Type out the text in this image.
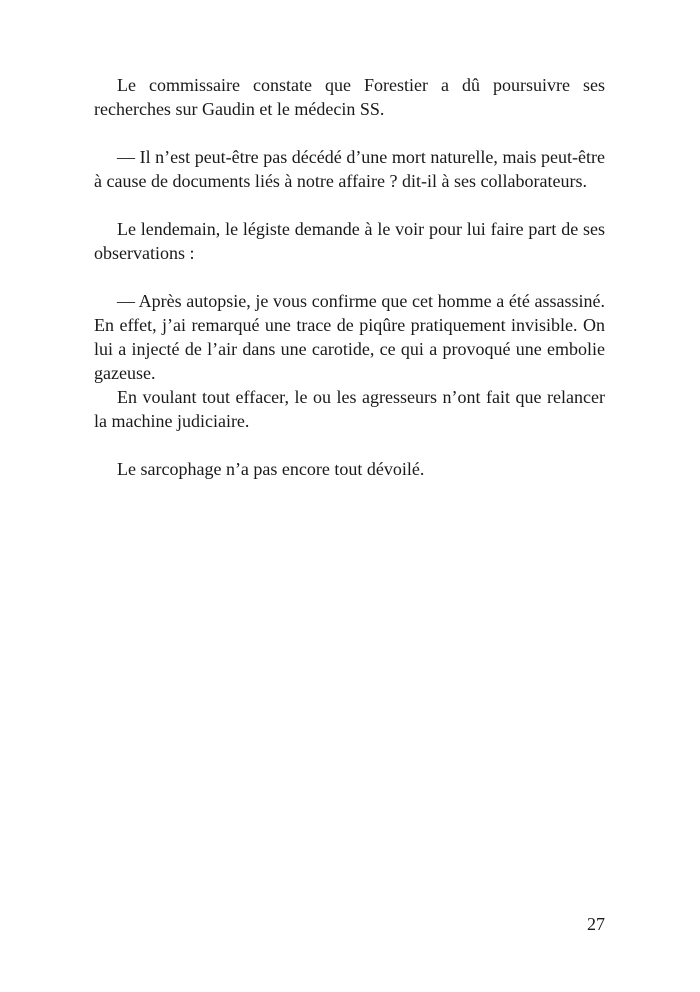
Le commissaire constate que Forestier a dû poursuivre ses recherches sur Gaudin et le médecin SS.

— Il n’est peut-être pas décédé d’une mort naturelle, mais peut-être à cause de documents liés à notre affaire ? dit-il à ses collaborateurs.

Le lendemain, le légiste demande à le voir pour lui faire part de ses observations :

— Après autopsie, je vous confirme que cet homme a été assassiné. En effet, j’ai remarqué une trace de piqûre pratiquement invisible. On lui a injecté de l’air dans une carotide, ce qui a provoqué une embolie gazeuse.

En voulant tout effacer, le ou les agresseurs n’ont fait que relancer la machine judiciaire.

Le sarcophage n’a pas encore tout dévoilé.

27
